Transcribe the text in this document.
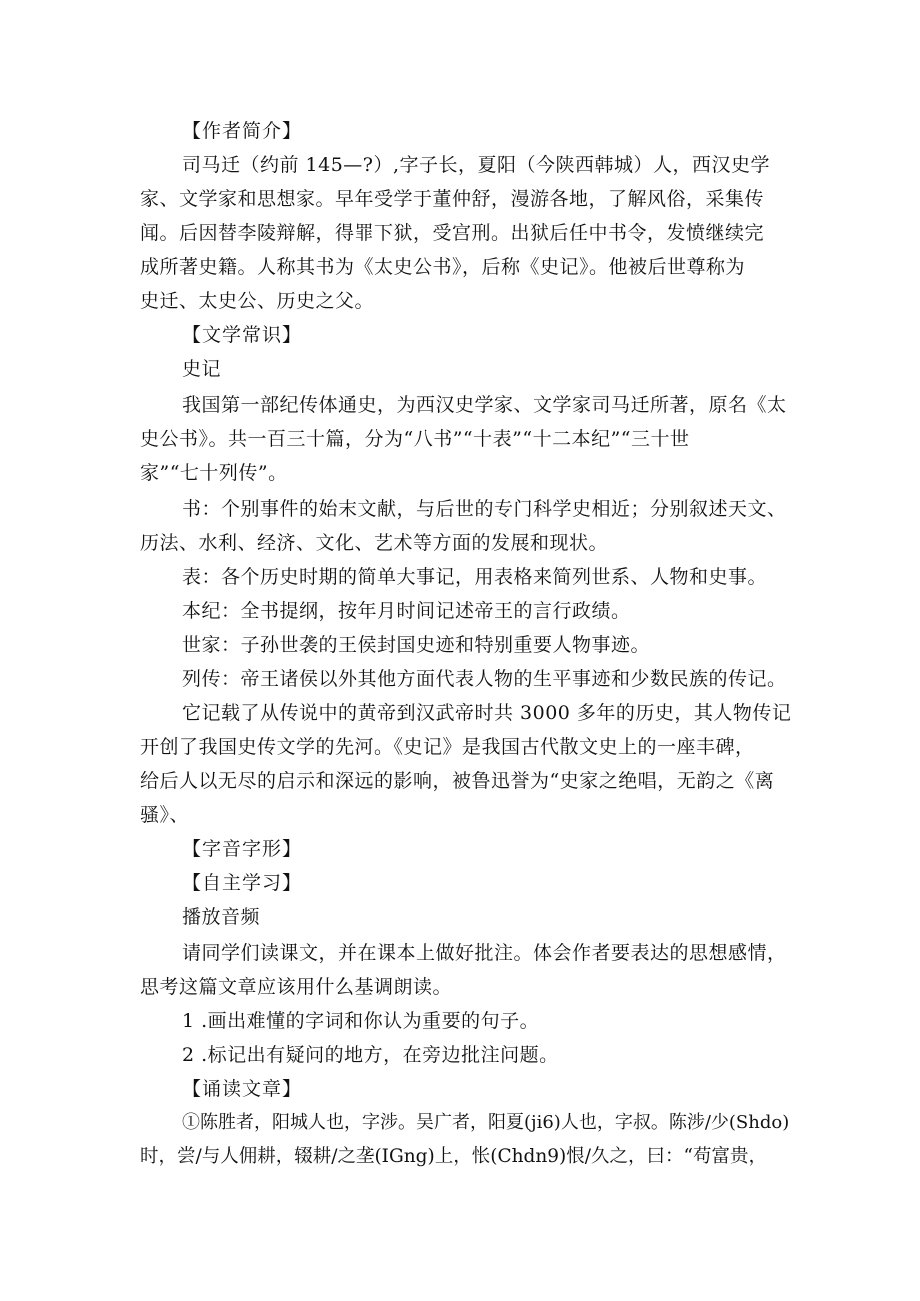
【作者简介】
司马迁（约前 145—?）,字子长，夏阳（今陕西韩城）人，西汉史学
家、文学家和思想家。早年受学于董仲舒，漫游各地，了解风俗，采集传
闻。后因替李陵辩解，得罪下狱，受宫刑。出狱后任中书令，发愤继续完
成所著史籍。人称其书为《太史公书》，后称《史记》。他被后世尊称为
史迁、太史公、历史之父。
【文学常识】
史记
我国第一部纪传体通史，为西汉史学家、文学家司马迁所著，原名《太
史公书》。共一百三十篇，分为“八书”“十表”“十二本纪”“三十世
家”“七十列传”。
书：个别事件的始末文献，与后世的专门科学史相近；分别叙述天文、
历法、水利、经济、文化、艺术等方面的发展和现状。
表：各个历史时期的简单大事记，用表格来简列世系、人物和史事。
本纪：全书提纲，按年月时间记述帝王的言行政绩。
世家：子孙世袭的王侯封国史迹和特别重要人物事迹。
列传：帝王诸侯以外其他方面代表人物的生平事迹和少数民族的传记。
它记载了从传说中的黄帝到汉武帝时共 3000 多年的历史，其人物传记
开创了我国史传文学的先河。《史记》是我国古代散文史上的一座丰碑，
给后人以无尽的启示和深远的影响，被鲁迅誉为“史家之绝唱，无韵之《离
骚》、
【字音字形】
【自主学习】
播放音频
请同学们读课文，并在课本上做好批注。体会作者要表达的思想感情，
思考这篇文章应该用什么基调朗读。
1 .画出难懂的字词和你认为重要的句子。
2 .标记出有疑问的地方，在旁边批注问题。
【诵读文章】
①陈胜者，阳城人也，字涉。吴广者，阳夏(ji6)人也，字叔。陈涉/少(Shdo)
时，尝/与人佣耕，辍耕/之垄(IGng)上，怅(Chdn9)恨/久之，曰：“苟富贵，
